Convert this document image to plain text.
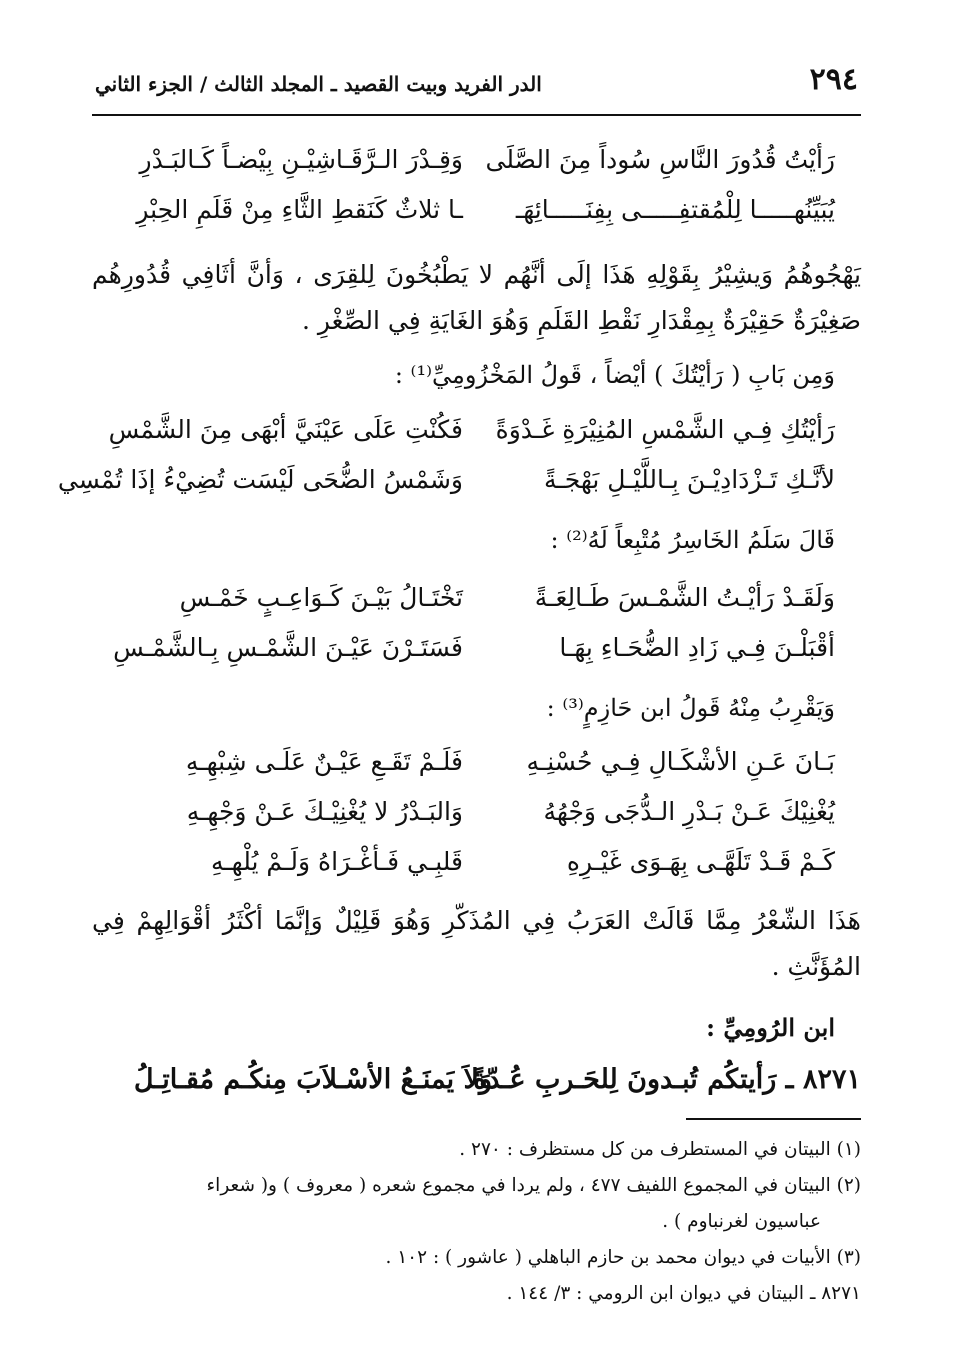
٢٩٤
الدر الفريد وبيت القصيد ـ المجلد الثالث / الجزء الثاني
رَأيْتُ قُدُورَ النَّاسِ سُوداً مِنَ الصَّلَى
وَقِـدْرَ الـرَّقَـاشِيْـنِ بِيْضـاً كَـالبَـدْرِ
يُبَيِّنُهـــــا لِلْمُقتفِـــــى بِفِنَـــــائِهَـ
ـا ثلاثٌ كَنَقطِ الثَّاءِ مِنْ قَلَمِ الحِبْرِ
يَهْجُوهُمُ وَيشِيْرُ بِقَوْلِهِ هَذَا إلَى أنَّهُم لا يَطْبُخُونَ لِلقِرَى ، وَأنَّ أثَافِي قُدُورِهُم صَغِيْرَةٌ حَقِيْرَةٌ بِمِقْدَارِ نَقْطِ القَلَمِ وَهُوَ الغَايَةِ فِي الصِّغْرِ .
وَمِن بَابِ ( رَأيْتُكَ ) أيْضاً ، قَولُ المَخْزُومِيِّ⁽¹⁾ :
رَأيْتُكِ فِـي الشَّمْسِ المُنِيْرَةِ غَـدْوَةً
فَكُنْتِ عَلَى عَيْنَيَّ أبْهَى مِنَ الشَّمْسِ
لأنَّـكِ تَـزْدَادِيْـنَ بِـاللَّيْـلِ بَهْجَـةً
وَشَمْسُ الضُّحَى لَيْسَت تُضِيْءُ إذَا تُمْسِي
قَالَ سَلَمُ الخَاسِرُ مُتْبِعاً لَهُ⁽²⁾ :
وَلَقَـدْ رَأيْـتُ الشَّمْـسَ طَـالِعَـةً
تَخْتَـالُ بَيْـنَ كَـوَاعِـبٍ خَمْـسِ
أقْبَلْـنَ فِـي زَادِ الضُّحَـاءِ بِهَـا
فَسَتَـرْنَ عَيْـنَ الشَّمْـسِ بِـالشَّمْـسِ
وَيَقْرِبُ مِنْهُ قَولُ ابن حَازِمٍ⁽³⁾ :
بَـانَ عَـنِ الأشْكَـالِ فِـي حُسْنِـهِ
فَلَـمْ تَقَـعِ عَيْـنٌ عَلَـى شِبْهِـهِ
يُغْنِيْكَ عَـنْ بَـدْرِ الـدُّجَى وَجْهُهُ
وَالبَـدْرُ لا يُغْنِيْـكَ عَـنْ وَجْهِـهِ
كَـمْ قَـدْ تَلَهَّـى بِهَـوَى غَيْـرِهِ
قَلبِـي فَـأغْـرَاهُ وَلَـمْ يُلْهِـهِ
هَذَا الشّعْرُ مِمَّا قَالَتْ العَرَبُ فِي المُذَكّرِ وَهُوَ قَلِيْلٌ وَإنَّمَا أكْثَرُ أقْوَالِهِمْ فِي المُؤَنَّثِ .
ابن الرُومِيِّ :
٨٢٧١ ـ رَأيتكُم تُبـدونَ لِلحَـربِ عُـدّةً
وَلاَ يَمنَـعُ الأسْـلاَبَ مِنكُـم مُقـاتِـلُ
(١) البيتان في المستطرف من كل مستظرف : ٢٧٠ .
(٢) البيتان في المجموع اللفيف ٤٧٧ ، ولم يردا في مجموع شعره ( معروف ) و( شعراء
عباسيون لغرنباوم ) .
(٣) الأبيات في ديوان محمد بن حازم الباهلي ( عاشور ) : ١٠٢ .
٨٢٧١ ـ البيتان في ديوان ابن الرومي : ٣/ ١٤٤ .
